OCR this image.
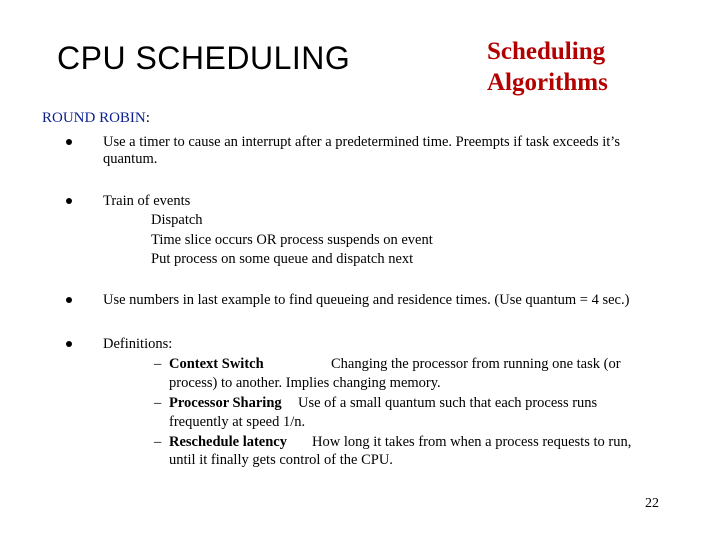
CPU SCHEDULING	Scheduling
Algorithms
ROUND ROBIN:
Use a timer to cause an interrupt after a predetermined time. Preempts if task exceeds it’s
quantum.
Train of events
Dispatch
Time slice occurs OR process suspends on event
Put process on some queue and dispatch next
Use numbers in last example to find queueing and residence times. (Use quantum = 4 sec.)
Definitions:
– Context Switch	Changing the processor from running one task (or
process) to another. Implies changing memory.
– Processor Sharing Use of a small quantum such that each process runs
frequently at speed 1/n.
– Reschedule latency How long it takes from when a process requests to run,
until it finally gets control of the CPU.
22
